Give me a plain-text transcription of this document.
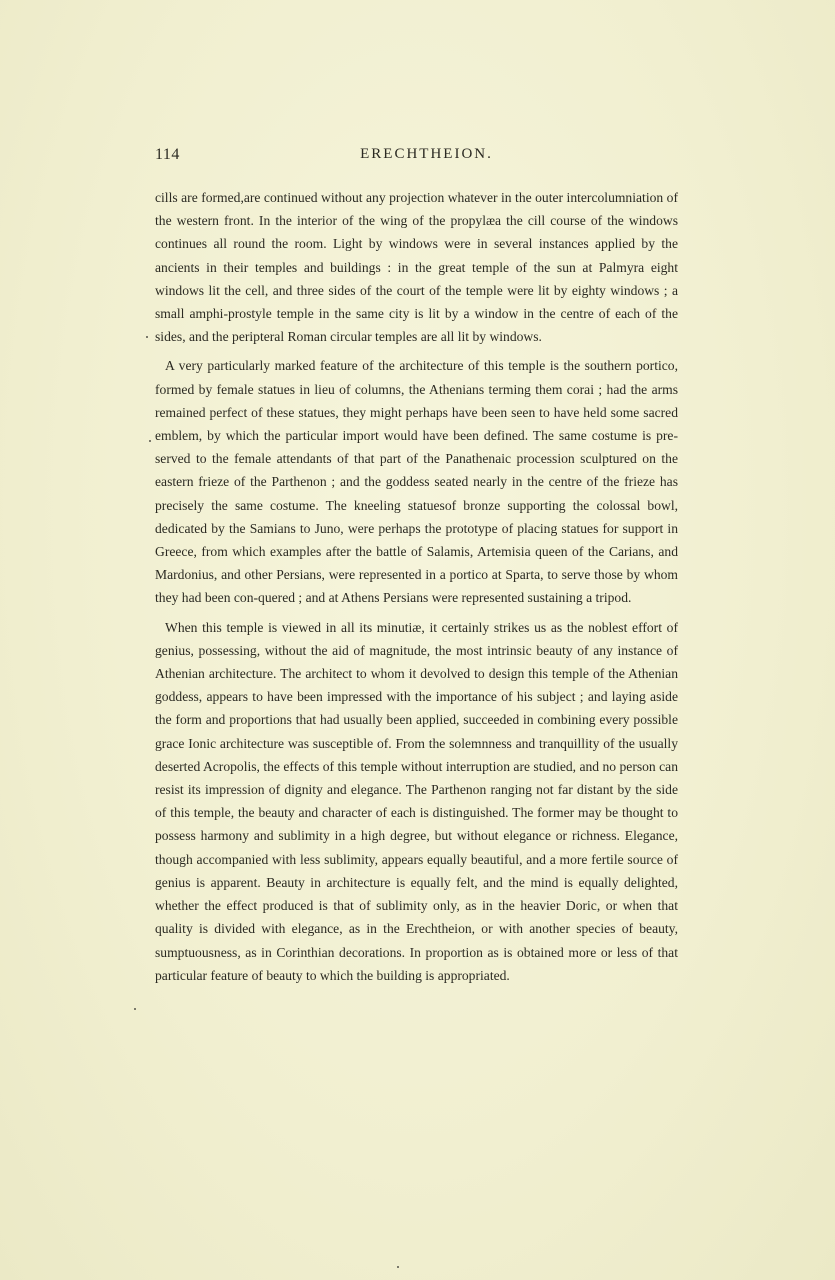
114	ERECHTHEION.

cills are formed,are continued without any projection whatever in the outer intercolumniation of the western front. In the interior of the wing of the propylæa the cill course of the windows continues all round the room. Light by windows were in several instances applied by the ancients in their temples and buildings : in the great temple of the sun at Palmyra eight windows lit the cell, and three sides of the court of the temple were lit by eighty windows ; a small amphi-prostyle temple in the same city is lit by a window in the centre of each of the sides, and the peripteral Roman circular temples are all lit by windows.

A very particularly marked feature of the architecture of this temple is the southern portico, formed by female statues in lieu of columns, the Athenians terming them corai ; had the arms remained perfect of these statues, they might perhaps have been seen to have held some sacred emblem, by which the particular import would have been defined. The same costume is pre-served to the female attendants of that part of the Panathenaic procession sculptured on the eastern frieze of the Parthenon ; and the goddess seated nearly in the centre of the frieze has precisely the same costume. The kneeling statuesof bronze supporting the colossal bowl, dedicated by the Samians to Juno, were perhaps the prototype of placing statues for support in Greece, from which examples after the battle of Salamis, Artemisia queen of the Carians, and Mardonius, and other Persians, were represented in a portico at Sparta, to serve those by whom they had been con-quered ; and at Athens Persians were represented sustaining a tripod.

When this temple is viewed in all its minutiæ, it certainly strikes us as the noblest effort of genius, possessing, without the aid of magnitude, the most intrinsic beauty of any instance of Athenian architecture. The architect to whom it devolved to design this temple of the Athenian goddess, appears to have been impressed with the importance of his subject ; and laying aside the form and proportions that had usually been applied, succeeded in combining every possible grace Ionic architecture was susceptible of. From the solemnness and tranquillity of the usually deserted Acropolis, the effects of this temple without interruption are studied, and no person can resist its impression of dignity and elegance. The Parthenon ranging not far distant by the side of this temple, the beauty and character of each is distinguished. The former may be thought to possess harmony and sublimity in a high degree, but without elegance or richness. Elegance, though accompanied with less sublimity, appears equally beautiful, and a more fertile source of genius is apparent. Beauty in architecture is equally felt, and the mind is equally delighted, whether the effect produced is that of sublimity only, as in the heavier Doric, or when that quality is divided with elegance, as in the Erechtheion, or with another species of beauty, sumptuousness, as in Corinthian decorations. In proportion as is obtained more or less of that particular feature of beauty to which the building is appropriated.
